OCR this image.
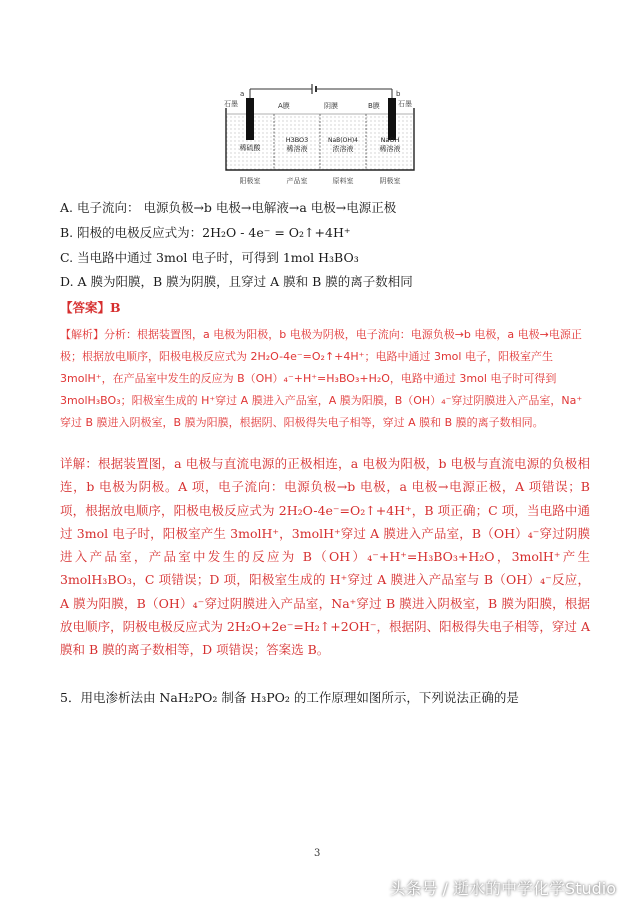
a	b
石墨	石墨
A膜	阴膜	B膜
稀硫酸
H3BO3
稀溶液
NaB(OH)4
浓溶液
NaOH
稀溶液
阳极室	产品室	原料室	阴极室
A. 电子流向： 电源负极→b 电极→电解液→a 电极→电源正极
B. 阳极的电极反应式为：2H₂O - 4e⁻ = O₂↑+4H⁺
C. 当电路中通过 3mol 电子时，可得到 1mol H₃BO₃
D. A 膜为阳膜，B 膜为阴膜，且穿过 A 膜和 B 膜的离子数相同
【答案】B
【解析】分析：根据装置图，a 电极为阳极，b 电极为阴极，电子流向：电源负极→b 电极，a 电极→电源正极；根据放电顺序，阳极电极反应式为 2H₂O-4e⁻=O₂↑+4H⁺；电路中通过 3mol 电子，阳极室产生 3molH⁺，在产品室中发生的反应为 B（OH）₄⁻+H⁺=H₃BO₃+H₂O，电路中通过 3mol 电子时可得到 3molH₃BO₃；阳极室生成的 H⁺穿过 A 膜进入产品室，A 膜为阳膜，B（OH）₄⁻穿过阴膜进入产品室，Na⁺穿过 B 膜进入阴极室，B 膜为阳膜，根据阴、阳极得失电子相等，穿过 A 膜和 B 膜的离子数相同。
详解：根据装置图，a 电极与直流电源的正极相连，a 电极为阳极，b 电极与直流电源的负极相连，b 电极为阴极。A 项，电子流向：电源负极→b 电极，a 电极→电源正极，A 项错误；B 项，根据放电顺序，阳极电极反应式为 2H₂O-4e⁻=O₂↑+4H⁺，B 项正确；C 项，当电路中通过 3mol 电子时，阳极室产生 3molH⁺，3molH⁺穿过 A 膜进入产品室，B（OH）₄⁻穿过阴膜进入产品室，产品室中发生的反应为 B（OH）₄⁻+H⁺=H₃BO₃+H₂O，3molH⁺产生 3molH₃BO₃，C 项错误；D 项，阳极室生成的 H⁺穿过 A 膜进入产品室与 B（OH）₄⁻反应，A 膜为阳膜，B（OH）₄⁻穿过阴膜进入产品室，Na⁺穿过 B 膜进入阴极室，B 膜为阳膜，根据放电顺序，阴极电极反应式为 2H₂O+2e⁻=H₂↑+2OH⁻，根据阴、阳极得失电子相等，穿过 A 膜和 B 膜的离子数相等，D 项错误；答案选 B。
5．用电渗析法由 NaH₂PO₂ 制备 H₃PO₂ 的工作原理如图所示，下列说法正确的是
3
头条号 / 逝水的中学化学Studio
